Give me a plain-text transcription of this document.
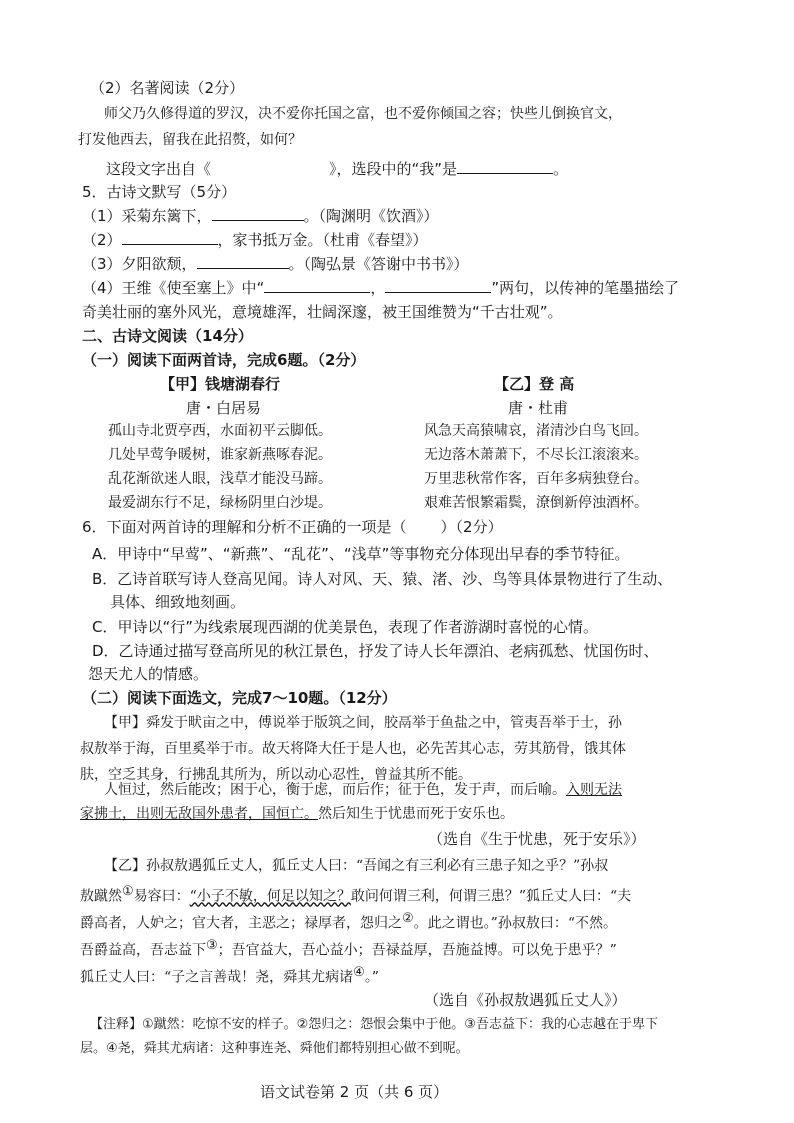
（2）名著阅读（2分）
师父乃久修得道的罗汉，决不爱你托国之富，也不爱你倾国之容；快些儿倒换官文，
打发他西去，留我在此招赘，如何？
这段文字出自《	》，选段中的“我”是	。
5．古诗文默写（5分）
（1）采菊东篱下，	。（陶渊明《饮酒》）
（2）	，家书抵万金。（杜甫《春望》）
（3）夕阳欲颓，	。（陶弘景《答谢中书书》）
（4）王维《使至塞上》中“	，	”两句，以传神的笔墨描绘了
奇美壮丽的塞外风光，意境雄浑，壮阔深邃，被王国维赞为“千古壮观”。
二、古诗文阅读（14分）
（一）阅读下面两首诗，完成6题。（2分）
【甲】钱塘湖春行
唐・白居易
孤山寺北贾亭西，水面初平云脚低。
几处早莺争暖树，谁家新燕啄春泥。
乱花渐欲迷人眼，浅草才能没马蹄。
最爱湖东行不足，绿杨阴里白沙堤。
【乙】登 高
唐・杜甫
风急天高猿啸哀，渚清沙白鸟飞回。
无边落木萧萧下，不尽长江滚滚来。
万里悲秋常作客，百年多病独登台。
艰难苦恨繁霜鬓，潦倒新停浊酒杯。
6．下面对两首诗的理解和分析不正确的一项是（ ）（2分）
A．甲诗中“早莺”、“新燕”、“乱花”、“浅草”等事物充分体现出早春的季节特征。
B．乙诗首联写诗人登高见闻。诗人对风、天、猿、渚、沙、鸟等具体景物进行了生动、
具体、细致地刻画。
C．甲诗以“行”为线索展现西湖的优美景色，表现了作者游湖时喜悦的心情。
D．乙诗通过描写登高所见的秋江景色，抒发了诗人长年漂泊、老病孤愁、忧国伤时、
怨天尤人的情感。
（二）阅读下面选文，完成7～10题。（12分）
【甲】舜发于畎亩之中，傅说举于版筑之间，胶鬲举于鱼盐之中，管夷吾举于士，孙
叔敖举于海，百里奚举于市。故天将降大任于是人也，必先苦其心志，劳其筋骨，饿其体
肤，空乏其身，行拂乱其所为，所以动心忍性，曾益其所不能。
人恒过，然后能改；困于心，衡于虑，而后作；征于色，发于声，而后喻。入则无法
家拂士，出则无敌国外患者，国恒亡。然后知生于忧患而死于安乐也。
（选自《生于忧患，死于安乐》）
【乙】孙叔敖遇狐丘丈人，狐丘丈人曰：“吾闻之有三利必有三患子知之乎？”孙叔
敖蹴然①易容曰：“小子不敏，何足以知之？敢问何谓三利，何谓三患？”狐丘丈人曰：“夫
爵高者，人妒之；官大者，主恶之；禄厚者，怨归之②。此之谓也。”孙叔敖曰：“不然。
吾爵益高，吾志益下③；吾官益大，吾心益小；吾禄益厚，吾施益博。可以免于患乎？”
狐丘丈人曰：“子之言善哉！尧，舜其尤病诸④。”
（选自《孙叔敖遇狐丘丈人》）
【注释】①蹴然：吃惊不安的样子。②怨归之：怨恨会集中于他。③吾志益下：我的心志越在于卑下
层。④尧，舜其尤病诸：这种事连尧、舜他们都特别担心做不到呢。
语文试卷第 2 页（共 6 页）
